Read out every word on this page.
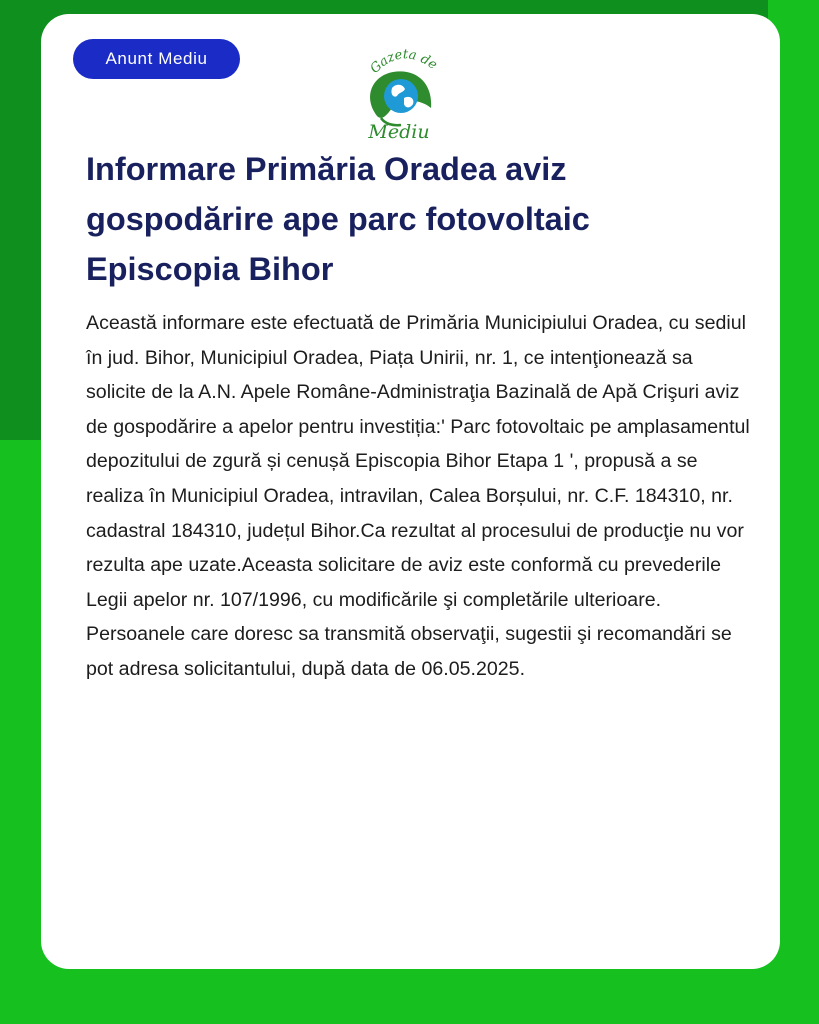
Anunt Mediu	Gazeta de
Mediu
Informare Primăria Oradea aviz gospodărire ape parc fotovoltaic Episcopia Bihor

Această informare este efectuată de Primăria Municipiului Oradea, cu sediul în jud. Bihor, Municipiul Oradea, Piața Unirii, nr. 1, ce intenţionează sa solicite de la A.N. Apele Române-Administraţia Bazinală de Apă Crişuri aviz de gospodărire a apelor pentru investiția:' Parc fotovoltaic pe amplasamentul depozitului de zgură și cenușă Episcopia Bihor Etapa 1 ', propusă a se realiza în Municipiul Oradea, intravilan, Calea Borșului, nr. C.F. 184310, nr. cadastral 184310, județul Bihor.Ca rezultat al procesului de producţie nu vor rezulta ape uzate.Aceasta solicitare de aviz este conformă cu prevederile Legii apelor nr. 107/1996, cu modificările şi completările ulterioare. Persoanele care doresc sa transmită observaţii, sugestii şi recomandări se pot adresa solicitantului, după data de 06.05.2025.
